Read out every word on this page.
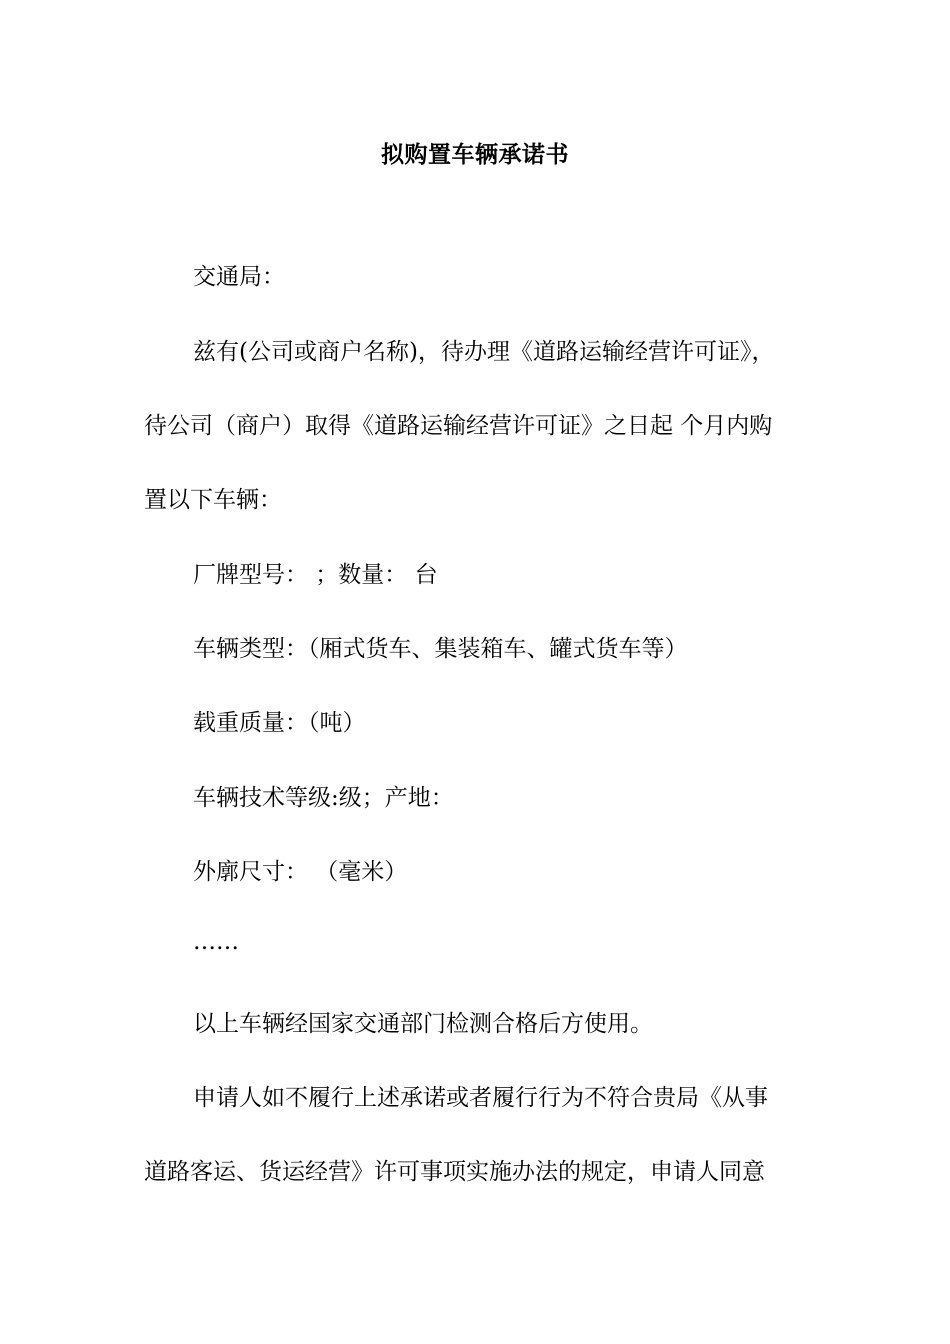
拟购置车辆承诺书
交通局：
兹有(公司或商户名称)，待办理《道路运输经营许可证》，
待公司（商户）取得《道路运输经营许可证》之日起 个月内购
置以下车辆：
厂牌型号： ；数量： 台
车辆类型：（厢式货车、集装箱车、罐式货车等）
载重质量：（吨）
车辆技术等级:级；产地：
外廓尺寸： （毫米）
……
以上车辆经国家交通部门检测合格后方使用。
申请人如不履行上述承诺或者履行行为不符合贵局《从事
道路客运、货运经营》许可事项实施办法的规定，申请人同意
